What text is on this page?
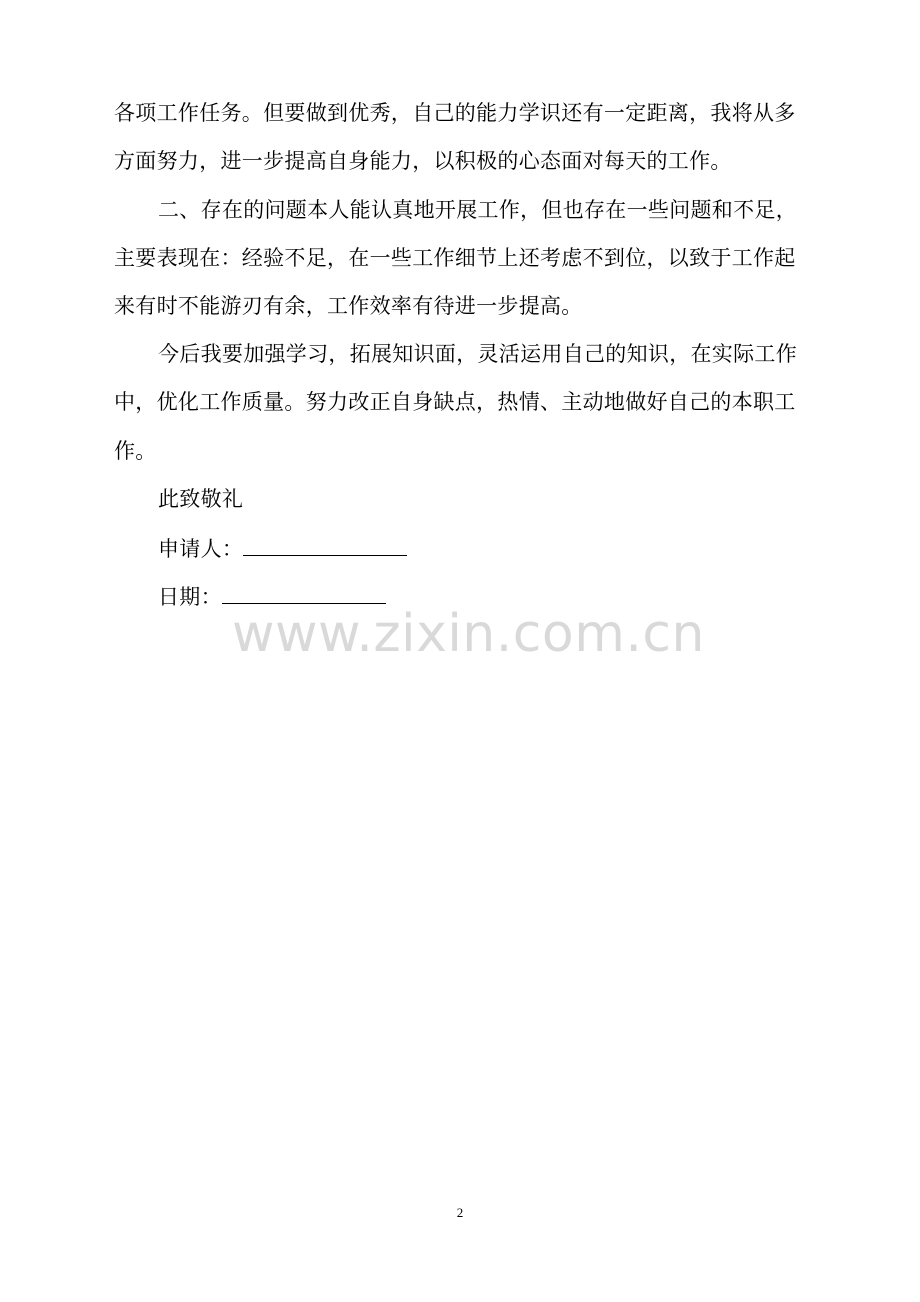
各项工作任务。但要做到优秀，自己的能力学识还有一定距离，我将从多
方面努力，进一步提高自身能力，以积极的心态面对每天的工作。
二、存在的问题本人能认真地开展工作，但也存在一些问题和不足，
主要表现在：经验不足，在一些工作细节上还考虑不到位，以致于工作起
来有时不能游刃有余，工作效率有待进一步提高。
今后我要加强学习，拓展知识面，灵活运用自己的知识，在实际工作
中，优化工作质量。努力改正自身缺点，热情、主动地做好自己的本职工
作。
此致敬礼
申请人：
日期：
www.zixin.com.cn
2
